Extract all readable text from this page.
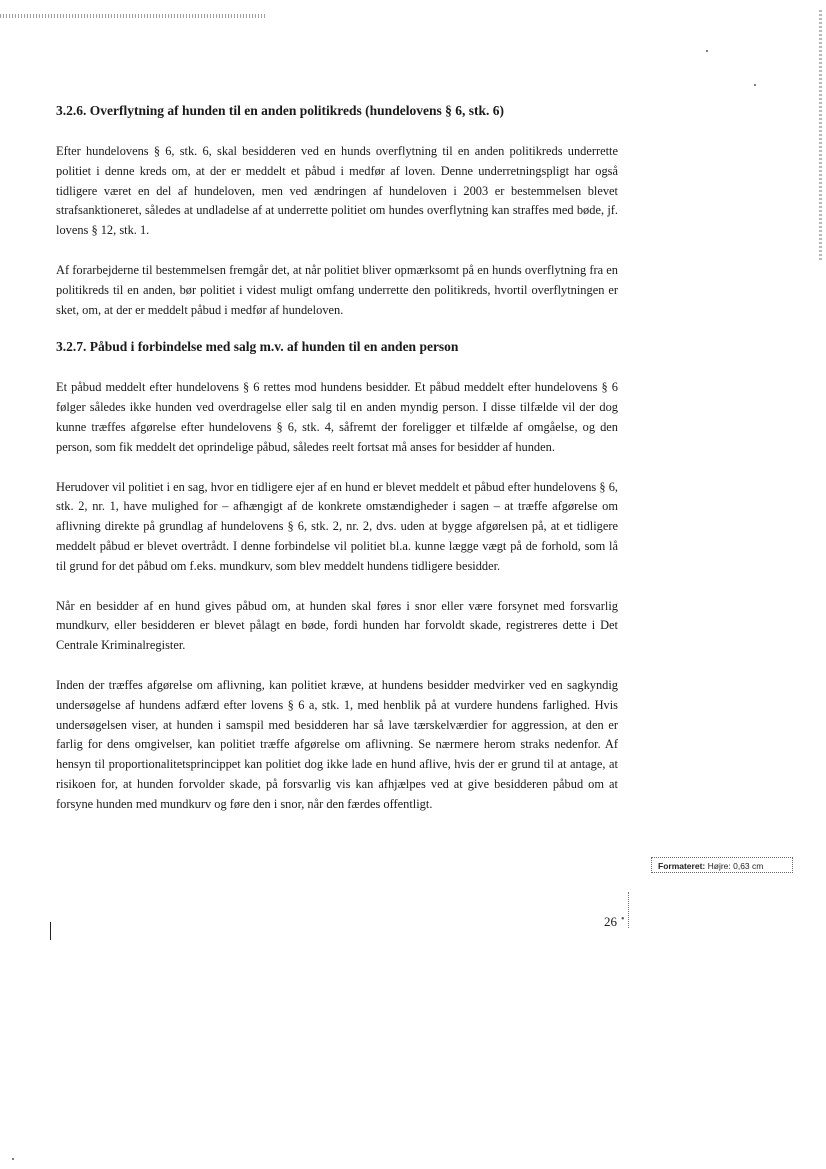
3.2.6. Overflytning af hunden til en anden politikreds (hundelovens § 6, stk. 6)

Efter hundelovens § 6, stk. 6, skal besidderen ved en hunds overflytning til en anden politikreds underrette politiet i denne kreds om, at der er meddelt et påbud i medfør af loven. Denne underretningspligt har også tidligere været en del af hundeloven, men ved ændringen af hundeloven i 2003 er bestemmelsen blevet strafsanktioneret, således at undladelse af at underrette politiet om hundes overflytning kan straffes med bøde, jf. lovens § 12, stk. 1.

Af forarbejderne til bestemmelsen fremgår det, at når politiet bliver opmærksomt på en hunds overflytning fra en politikreds til en anden, bør politiet i videst muligt omfang underrette den politikreds, hvortil overflytningen er sket, om, at der er meddelt påbud i medfør af hundeloven.

3.2.7. Påbud i forbindelse med salg m.v. af hunden til en anden person

Et påbud meddelt efter hundelovens § 6 rettes mod hundens besidder. Et påbud meddelt efter hundelovens § 6 følger således ikke hunden ved overdragelse eller salg til en anden myndig person. I disse tilfælde vil der dog kunne træffes afgørelse efter hundelovens § 6, stk. 4, såfremt der foreligger et tilfælde af omgåelse, og den person, som fik meddelt det oprindelige påbud, således reelt fortsat må anses for besidder af hunden.

Herudover vil politiet i en sag, hvor en tidligere ejer af en hund er blevet meddelt et påbud efter hundelovens § 6, stk. 2, nr. 1, have mulighed for – afhængigt af de konkrete omstændigheder i sagen – at træffe afgørelse om aflivning direkte på grundlag af hundelovens § 6, stk. 2, nr. 2, dvs. uden at bygge afgørelsen på, at et tidligere meddelt påbud er blevet overtrådt. I denne forbindelse vil politiet bl.a. kunne lægge vægt på de forhold, som lå til grund for det påbud om f.eks. mundkurv, som blev meddelt hundens tidligere besidder.

Når en besidder af en hund gives påbud om, at hunden skal føres i snor eller være forsynet med forsvarlig mundkurv, eller besidderen er blevet pålagt en bøde, fordi hunden har forvoldt skade, registreres dette i Det Centrale Kriminalregister.

Inden der træffes afgørelse om aflivning, kan politiet kræve, at hundens besidder medvirker ved en sagkyndig undersøgelse af hundens adfærd efter lovens § 6 a, stk. 1, med henblik på at vurdere hundens farlighed. Hvis undersøgelsen viser, at hunden i samspil med besidderen har så lave tærskelværdier for aggression, at den er farlig for dens omgivelser, kan politiet træffe afgørelse om aflivning. Se nærmere herom straks nedenfor. Af hensyn til proportionalitetsprincippet kan politiet dog ikke lade en hund aflive, hvis der er grund til at antage, at risikoen for, at hunden forvolder skade, på forsvarlig vis kan afhjælpes ved at give besidderen påbud om at forsyne hunden med mundkurv og føre den i snor, når den færdes offentligt.

26 •
Formateret: Højre: 0,63 cm
